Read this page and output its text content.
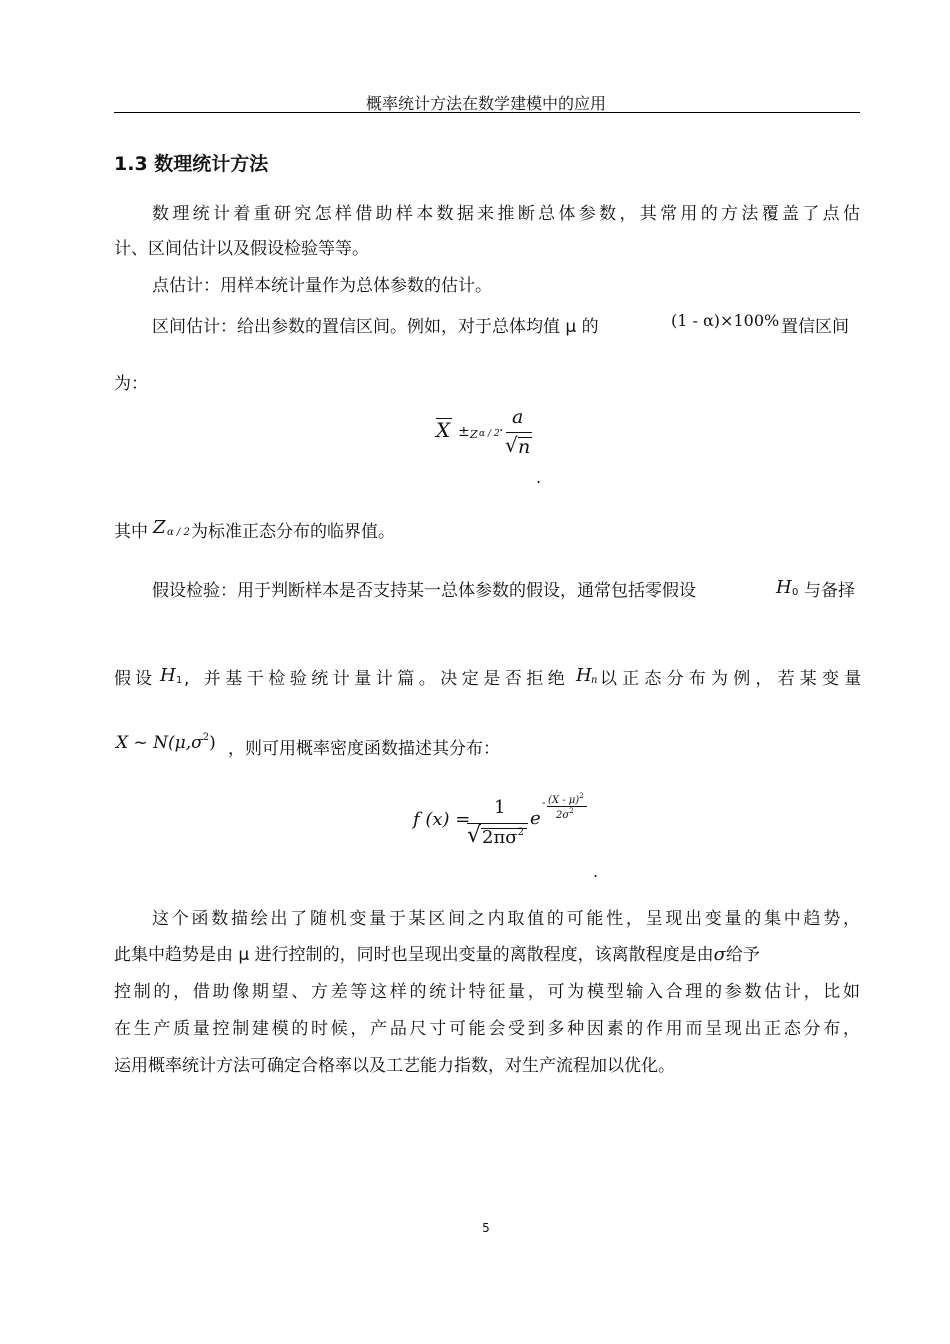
概率统计方法在数学建模中的应用
1.3 数理统计方法
数理统计着重研究怎样借助样本数据来推断总体参数，其常用的方法覆盖了点估
计、区间估计以及假设检验等等。
点估计：用样本统计量作为总体参数的估计。
区间估计：给出参数的置信区间。例如，对于总体均值 μ 的	(1 - α)×100% 置信区间
为：
X ± Z α / 2 ·
a
√ n
.
其中 Z α / 2 为标准正态分布的临界值。
假设检验：用于判断样本是否支持某一总体参数的假设，通常包括零假设	H 0 与备择
假设 H 1 , 并基干检验统计量计篇。决定是否拒绝 H n 以正态分布为例，若某变量
X ~ $N(\mu,\sigma^2)$ ，则可用概率密度函数描述其分布：
f (x) =
1
√ $2\pi\sigma^2$
e
- (X - μ)$^2$
$2\sigma^2$
.
这个函数描绘出了随机变量于某区间之内取值的可能性，呈现出变量的集中趋势，
此集中趋势是由 μ 进行控制的，同时也呈现出变量的离散程度，该离散程度是由σ给予
控制的，借助像期望、方差等这样的统计特征量，可为模型输入合理的参数估计，比如
在生产质量控制建模的时候，产品尺寸可能会受到多种因素的作用而呈现出正态分布，
运用概率统计方法可确定合格率以及工艺能力指数，对生产流程加以优化。
5
